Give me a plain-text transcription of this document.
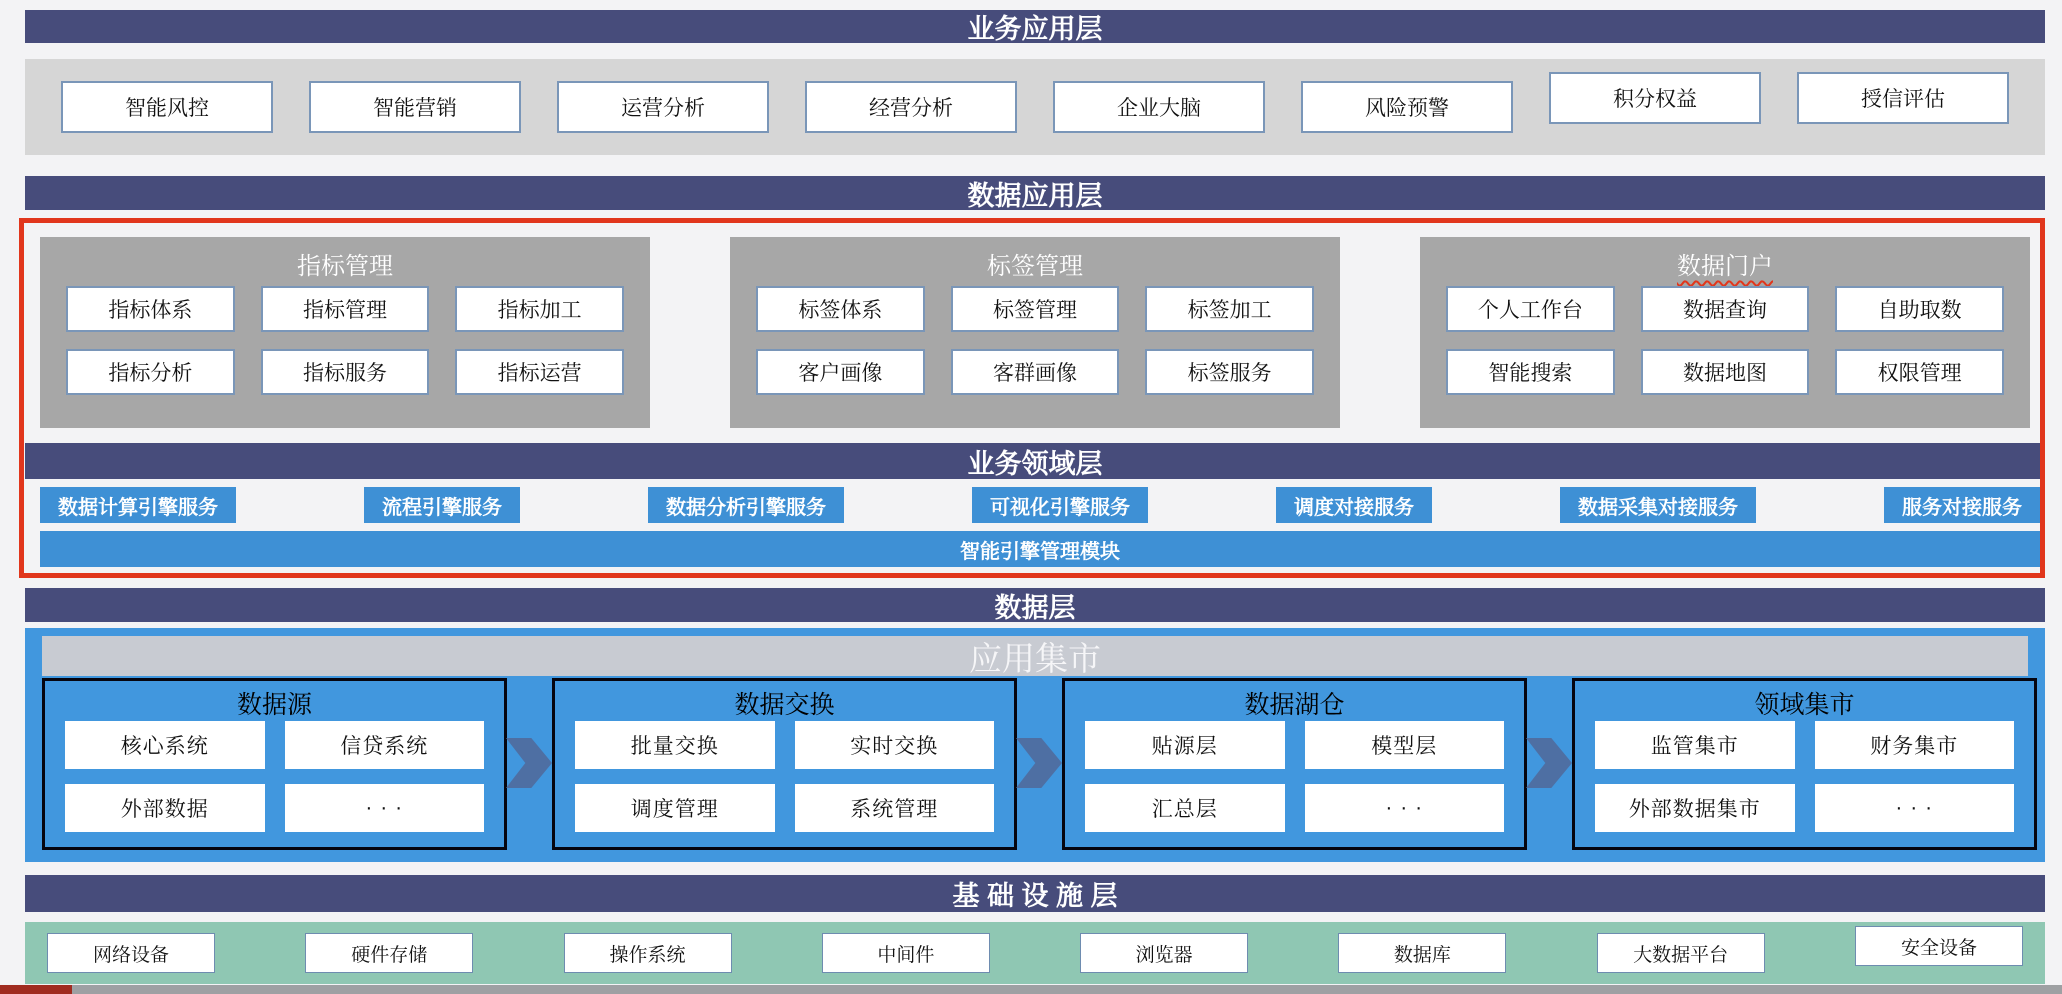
业务应用层
智能风控	智能营销	运营分析	经营分析	企业大脑	风险预警	积分权益	授信评估
数据应用层
指标管理
指标体系	指标管理	指标加工
指标分析	指标服务	指标运营
标签管理
标签体系	标签管理	标签加工
客户画像	客群画像	标签服务
数据门户
个人工作台	数据查询	自助取数
智能搜索	数据地图	权限管理
业务领域层
数据计算引擎服务	流程引擎服务	数据分析引擎服务	可视化引擎服务	调度对接服务	数据采集对接服务	服务对接服务
智能引擎管理模块
数据层
应用集市
数据源
核心系统	信贷系统
外部数据	· · ·
数据交换
批量交换	实时交换
调度管理	系统管理
数据湖仓
贴源层	模型层
汇总层	· · ·
领域集市
监管集市	财务集市
外部数据集市	· · ·
基 础 设 施 层
网络设备	硬件存储	操作系统	中间件	浏览器	数据库	大数据平台	安全设备
